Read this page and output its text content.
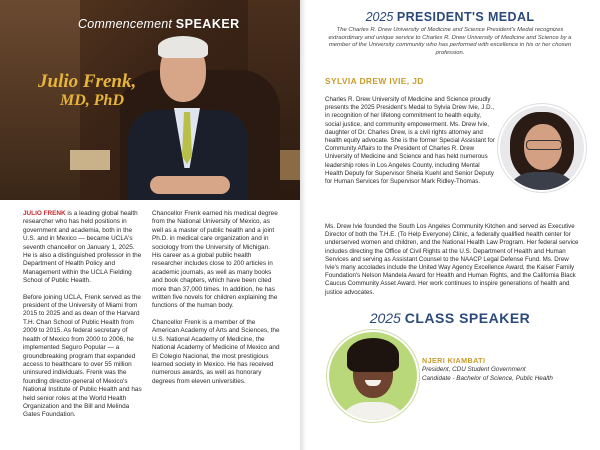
Commencement SPEAKER
Julio Frenk,
MD, PhD

JULIO FRENK is a leading global health researcher who has held positions in government and academia, both in the U.S. and in Mexico — became UCLA's seventh chancellor on January 1, 2025. He is also a distinguished professor in the Department of Health Policy and Management within the UCLA Fielding School of Public Health.

Before joining UCLA, Frenk served as the president of the University of Miami from 2015 to 2025 and as dean of the Harvard T.H. Chan School of Public Health from 2009 to 2015. As federal secretary of health of Mexico from 2000 to 2006, he implemented Seguro Popular — a groundbreaking program that expanded access to healthcare to over 55 million uninsured individuals. Frenk was the founding director-general of Mexico's National Institute of Public Health and has held senior roles at the World Health Organization and the Bill and Melinda Gates Foundation.

Chancellor Frenk earned his medical degree from the National University of Mexico, as well as a master of public health and a joint Ph.D. in medical care organization and in sociology from the University of Michigan. His career as a global public health researcher includes close to 200 articles in academic journals, as well as many books and book chapters, which have been cited more than 37,000 times. In addition, he has written five novels for children explaining the functions of the human body.

Chancellor Frenk is a member of the American Academy of Arts and Sciences, the U.S. National Academy of Medicine, the National Academy of Medicine of Mexico and El Colegio Nacional, the most prestigious learned society in Mexico. He has received numerous awards, as well as honorary degrees from eleven universities.

2025 PRESIDENT'S MEDAL
The Charles R. Drew University of Medicine and Science President's Medal recognizes extraordinary and unique service to Charles R. Drew University of Medicine and Science by a member of the University community who has performed with excellence in his or her chosen profession.
SYLVIA DREW IVIE, JD
Charles R. Drew University of Medicine and Science proudly presents the 2025 President's Medal to Sylvia Drew Ivie, J.D., in recognition of her lifelong commitment to health equity, social justice, and community empowerment. Ms. Drew Ivie, daughter of Dr. Charles Drew, is a civil rights attorney and health equity advocate. She is the former Special Assistant for Community Affairs to the President of Charles R. Drew University of Medicine and Science and has held numerous leadership roles in Los Angeles County, including Mental Health Deputy for Supervisor Sheila Kuehl and Senior Deputy for Human Services for Supervisor Mark Ridley-Thomas.
Ms. Drew Ivie founded the South Los Angeles Community Kitchen and served as Executive Director of both the T.H.E. (To Help Everyone) Clinic, a federally qualified health center for underserved women and children, and the National Health Law Program. Her federal service includes directing the Office of Civil Rights at the U.S. Department of Health and Human Services and serving as Assistant Counsel to the NAACP Legal Defense Fund. Ms. Drew Ivie's many accolades include the United Way Agency Excellence Award, the Kaiser Family Foundation's Nelson Mandela Award for Health and Human Rights, and the California Black Caucus Community Asset Award. Her work continues to inspire generations of health and justice advocates.
2025 CLASS SPEAKER
NJERI KIAMBATI
President, CDU Student Government
Candidate - Bachelor of Science, Public Health
